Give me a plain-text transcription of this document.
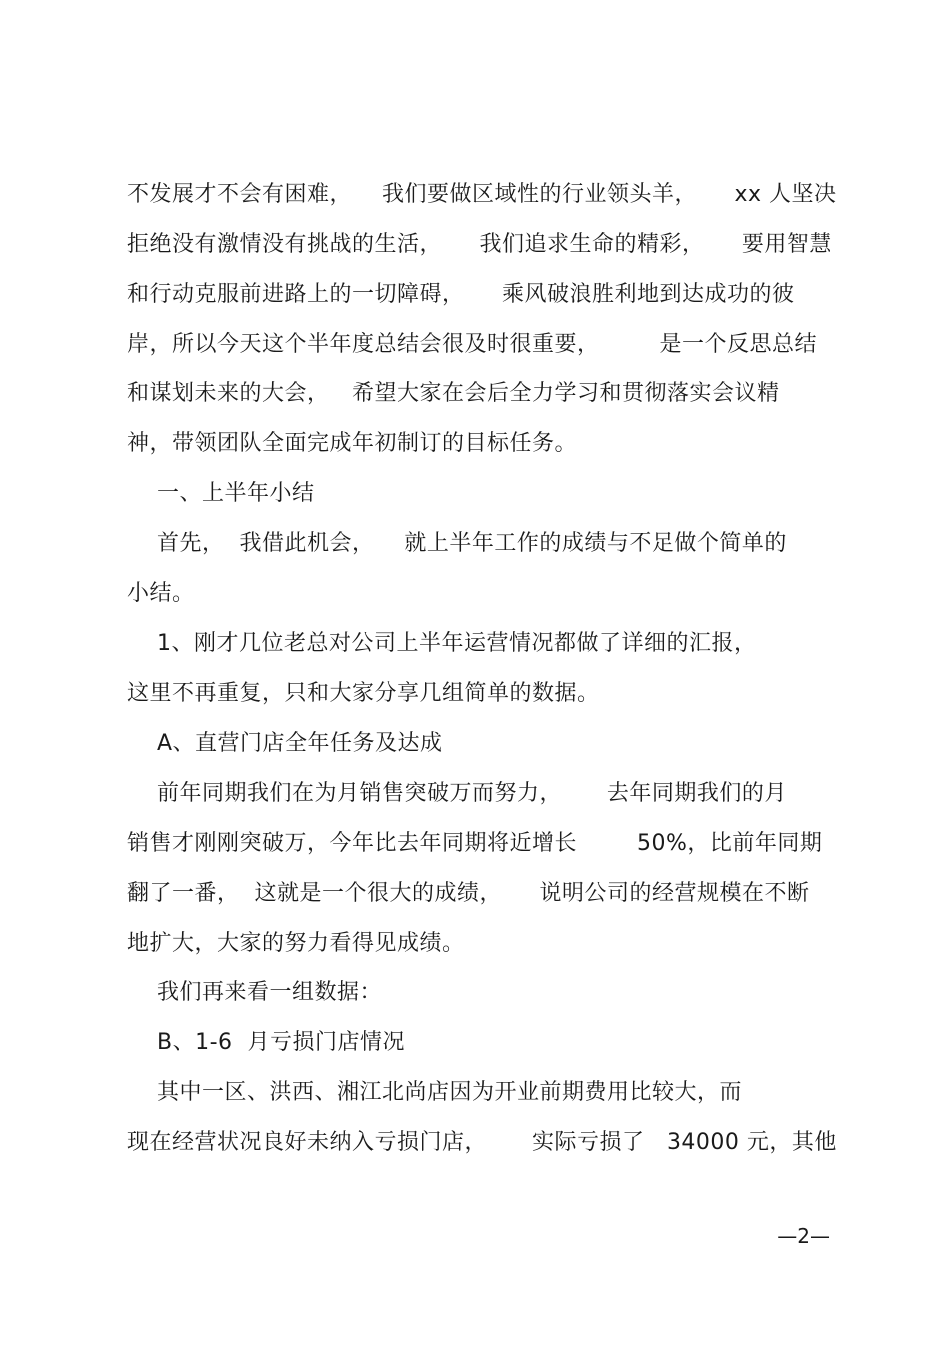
不发展才不会有困难，    我们要做区域性的行业领头羊，     xx 人坚决
拒绝没有激情没有挑战的生活，     我们追求生命的精彩，     要用智慧
和行动克服前进路上的一切障碍，     乘风破浪胜利地到达成功的彼
岸，所以今天这个半年度总结会很及时很重要，        是一个反思总结
和谋划未来的大会，   希望大家在会后全力学习和贯彻落实会议精
神，带领团队全面完成年初制订的目标任务。
一、上半年小结
首先，  我借此机会，    就上半年工作的成绩与不足做个简单的
小结。
1、刚才几位老总对公司上半年运营情况都做了详细的汇报，
这里不再重复，只和大家分享几组简单的数据。
A、直营门店全年任务及达成
前年同期我们在为月销售突破万而努力，      去年同期我们的月
销售才刚刚突破万，今年比去年同期将近增长        50%，比前年同期
翻了一番，  这就是一个很大的成绩，     说明公司的经营规模在不断
地扩大，大家的努力看得见成绩。
我们再来看一组数据：
B、1-6  月亏损门店情况
其中一区、洪西、湘江北尚店因为开业前期费用比较大，而
现在经营状况良好未纳入亏损门店，      实际亏损了   34000 元，其他
—2—
